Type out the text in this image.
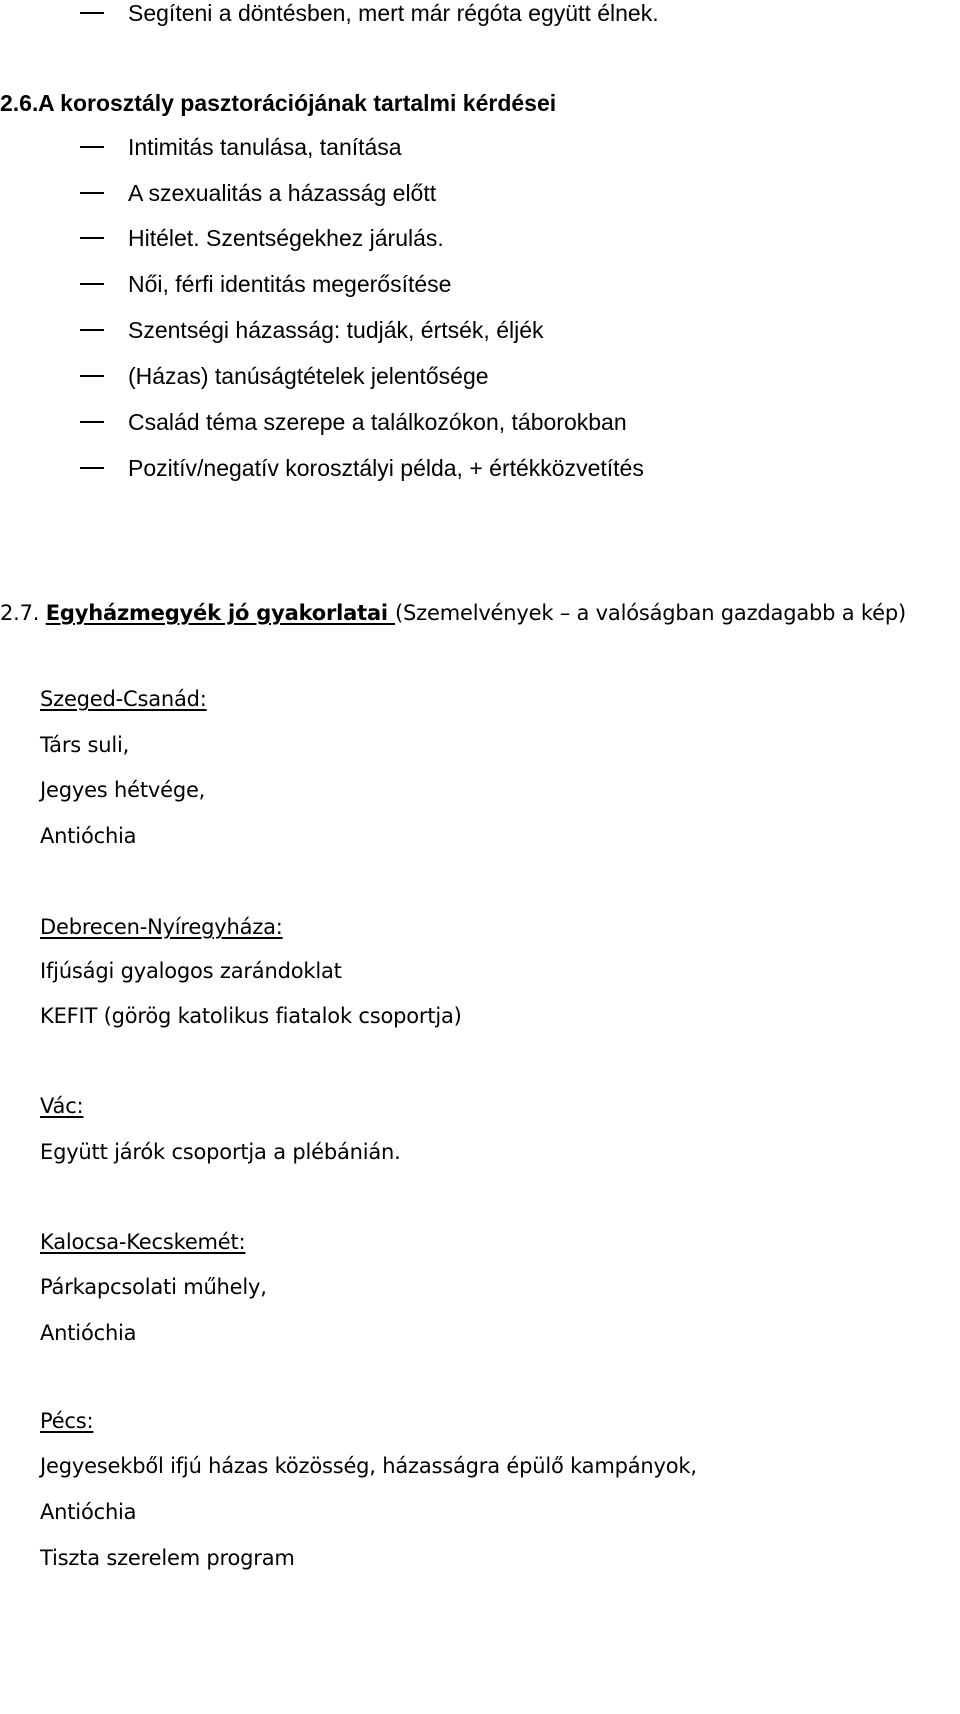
Segíteni a döntésben, mert már régóta együtt élnek.
2.6.A korosztály pasztorációjának tartalmi kérdései
Intimitás tanulása, tanítása
A szexualitás a házasság előtt
Hitélet. Szentségekhez járulás.
Női, férfi identitás megerősítése
Szentségi házasság: tudják, értsék, éljék
(Házas) tanúságtételek jelentősége
Család téma szerepe a találkozókon, táborokban
Pozitív/negatív korosztályi példa, + értékközvetítés
2.7. Egyházmegyék jó gyakorlatai (Szemelvények – a valóságban gazdagabb a kép)
Szeged-Csanád:
Társ suli,
Jegyes hétvége,
Antióchia
Debrecen-Nyíregyháza:
Ifjúsági gyalogos zarándoklat
KEFIT (görög katolikus fiatalok csoportja)
Vác:
Együtt járók csoportja a plébánián.
Kalocsa-Kecskemét:
Párkapcsolati műhely,
Antióchia
Pécs:
Jegyesekből ifjú házas közösség, házasságra épülő kampányok,
Antióchia
Tiszta szerelem program
